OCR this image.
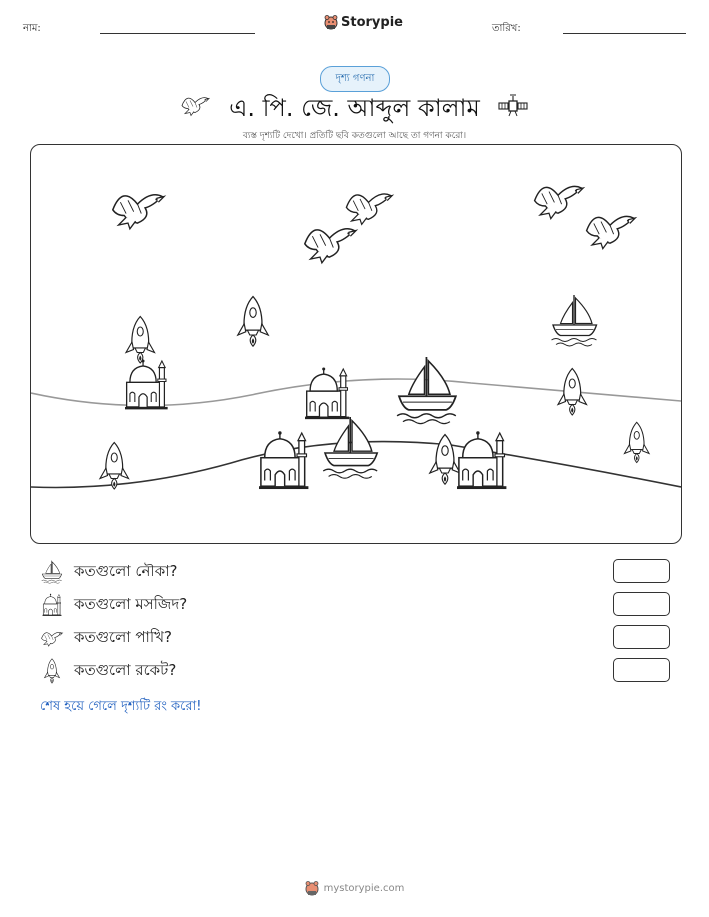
নাম:	Storypie	তারিখ:
দৃশ্য গণনা
এ. পি. জে. আব্দুল কালাম
ব্যস্ত দৃশ্যটি দেখো। প্রতিটি ছবি কতগুলো আছে তা গণনা করো।
কতগুলো নৌকা?
কতগুলো মসজিদ?
কতগুলো পাখি?
কতগুলো রকেট?
শেষ হয়ে গেলে দৃশ্যটি রং করো!
mystorypie.com
